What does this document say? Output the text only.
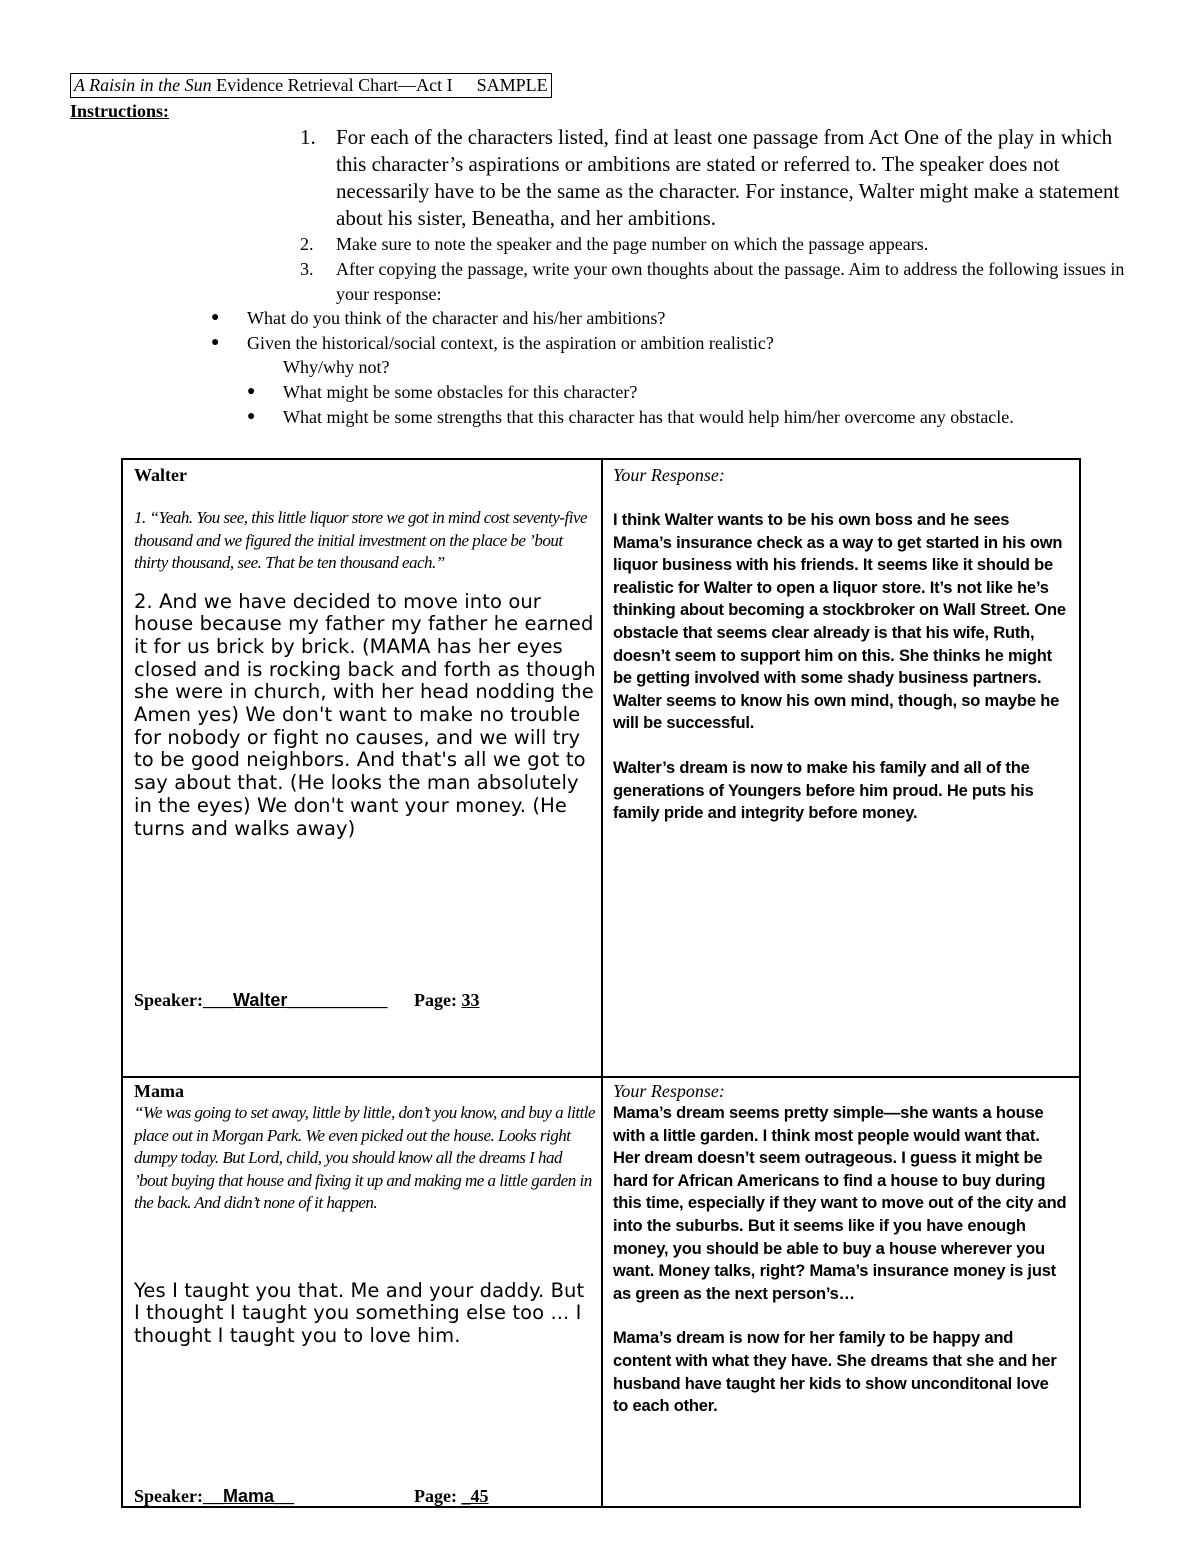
A Raisin in the Sun Evidence Retrieval Chart—Act I SAMPLE
Instructions:
1. For each of the characters listed, find at least one passage from Act One of the play in which this character’s aspirations or ambitions are stated or referred to. The speaker does not necessarily have to be the same as the character. For instance, Walter might make a statement about his sister, Beneatha, and her ambitions.
2. Make sure to note the speaker and the page number on which the passage appears.
3. After copying the passage, write your own thoughts about the passage. Aim to address the following issues in your response:
● What do you think of the character and his/her ambitions?
● Given the historical/social context, is the aspiration or ambition realistic?
Why/why not?
● What might be some obstacles for this character?
● What might be some strengths that this character has that would help him/her overcome any obstacle.
Walter
1. “Yeah. You see, this little liquor store we got in mind cost seventy-five thousand and we figured the initial investment on the place be ’bout thirty thousand, see. That be ten thousand each.”
2. And we have decided to move into our house because my father my father he earned it for us brick by brick. (MAMA has her eyes closed and is rocking back and forth as though she were in church, with her head nodding the Amen yes) We don't want to make no trouble for nobody or fight no causes, and we will try to be good neighbors. And that's all we got to say about that. (He looks the man absolutely in the eyes) We don't want your money. (He turns and walks away)
Speaker:___Walter__________ Page: 33
Your Response:
I think Walter wants to be his own boss and he sees Mama’s insurance check as a way to get started in his own liquor business with his friends. It seems like it should be realistic for Walter to open a liquor store. It’s not like he’s thinking about becoming a stockbroker on Wall Street. One obstacle that seems clear already is that his wife, Ruth, doesn’t seem to support him on this. She thinks he might be getting involved with some shady business partners. Walter seems to know his own mind, though, so maybe he will be successful.
Walter’s dream is now to make his family and all of the generations of Youngers before him proud. He puts his family pride and integrity before money.
Mama
“We was going to set away, little by little, don’t you know, and buy a little place out in Morgan Park. We even picked out the house. Looks right dumpy today. But Lord, child, you should know all the dreams I had ’bout buying that house and fixing it up and making me a little garden in the back. And didn’t none of it happen.
Yes I taught you that. Me and your daddy. But I thought I taught you something else too ... I thought I taught you to love him.
Speaker:__Mama__	Page: _45
Your Response:
Mama’s dream seems pretty simple—she wants a house with a little garden. I think most people would want that. Her dream doesn’t seem outrageous. I guess it might be hard for African Americans to find a house to buy during this time, especially if they want to move out of the city and into the suburbs. But it seems like if you have enough money, you should be able to buy a house wherever you want. Money talks, right? Mama’s insurance money is just as green as the next person’s…
Mama’s dream is now for her family to be happy and content with what they have. She dreams that she and her husband have taught her kids to show unconditonal love to each other.
